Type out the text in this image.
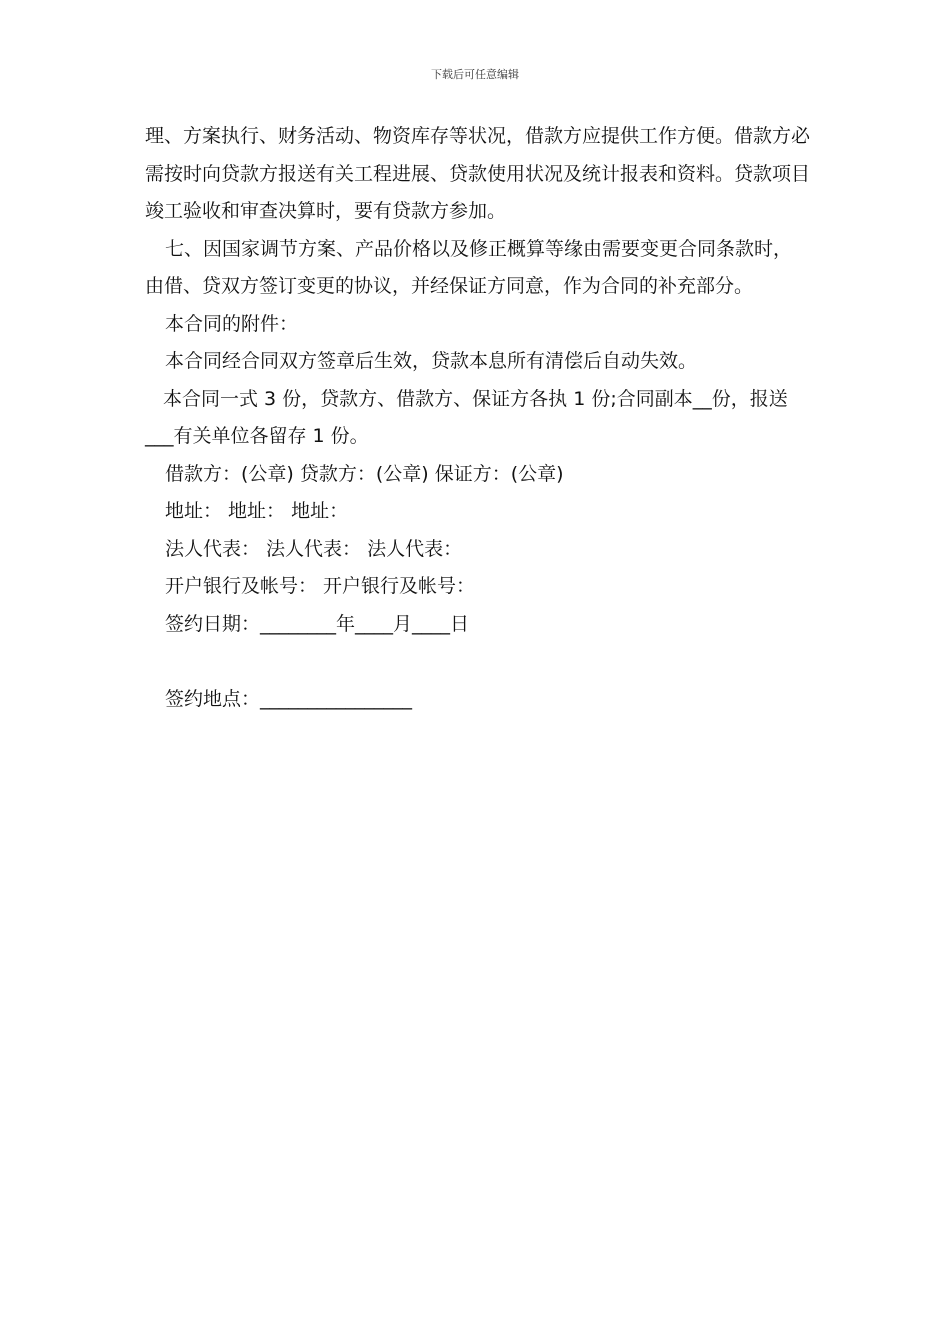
下载后可任意编辑

理、方案执行、财务活动、物资库存等状况，借款方应提供工作方便。借款方必需按时向贷款方报送有关工程进展、贷款使用状况及统计报表和资料。贷款项目竣工验收和审查决算时，要有贷款方参加。

七、因国家调节方案、产品价格以及修正概算等缘由需要变更合同条款时，由借、贷双方签订变更的协议，并经保证方同意，作为合同的补充部分。

本合同的附件：

本合同经合同双方签章后生效，贷款本息所有清偿后自动失效。

本合同一式 3 份，贷款方、借款方、保证方各执 1 份;合同副本__份，报送___有关单位各留存 1 份。

借款方：(公章) 贷款方：(公章) 保证方：(公章)
地址： 地址： 地址：
法人代表： 法人代表： 法人代表：
开户银行及帐号： 开户银行及帐号：
签约日期：________年____月____日
签约地点：________________
